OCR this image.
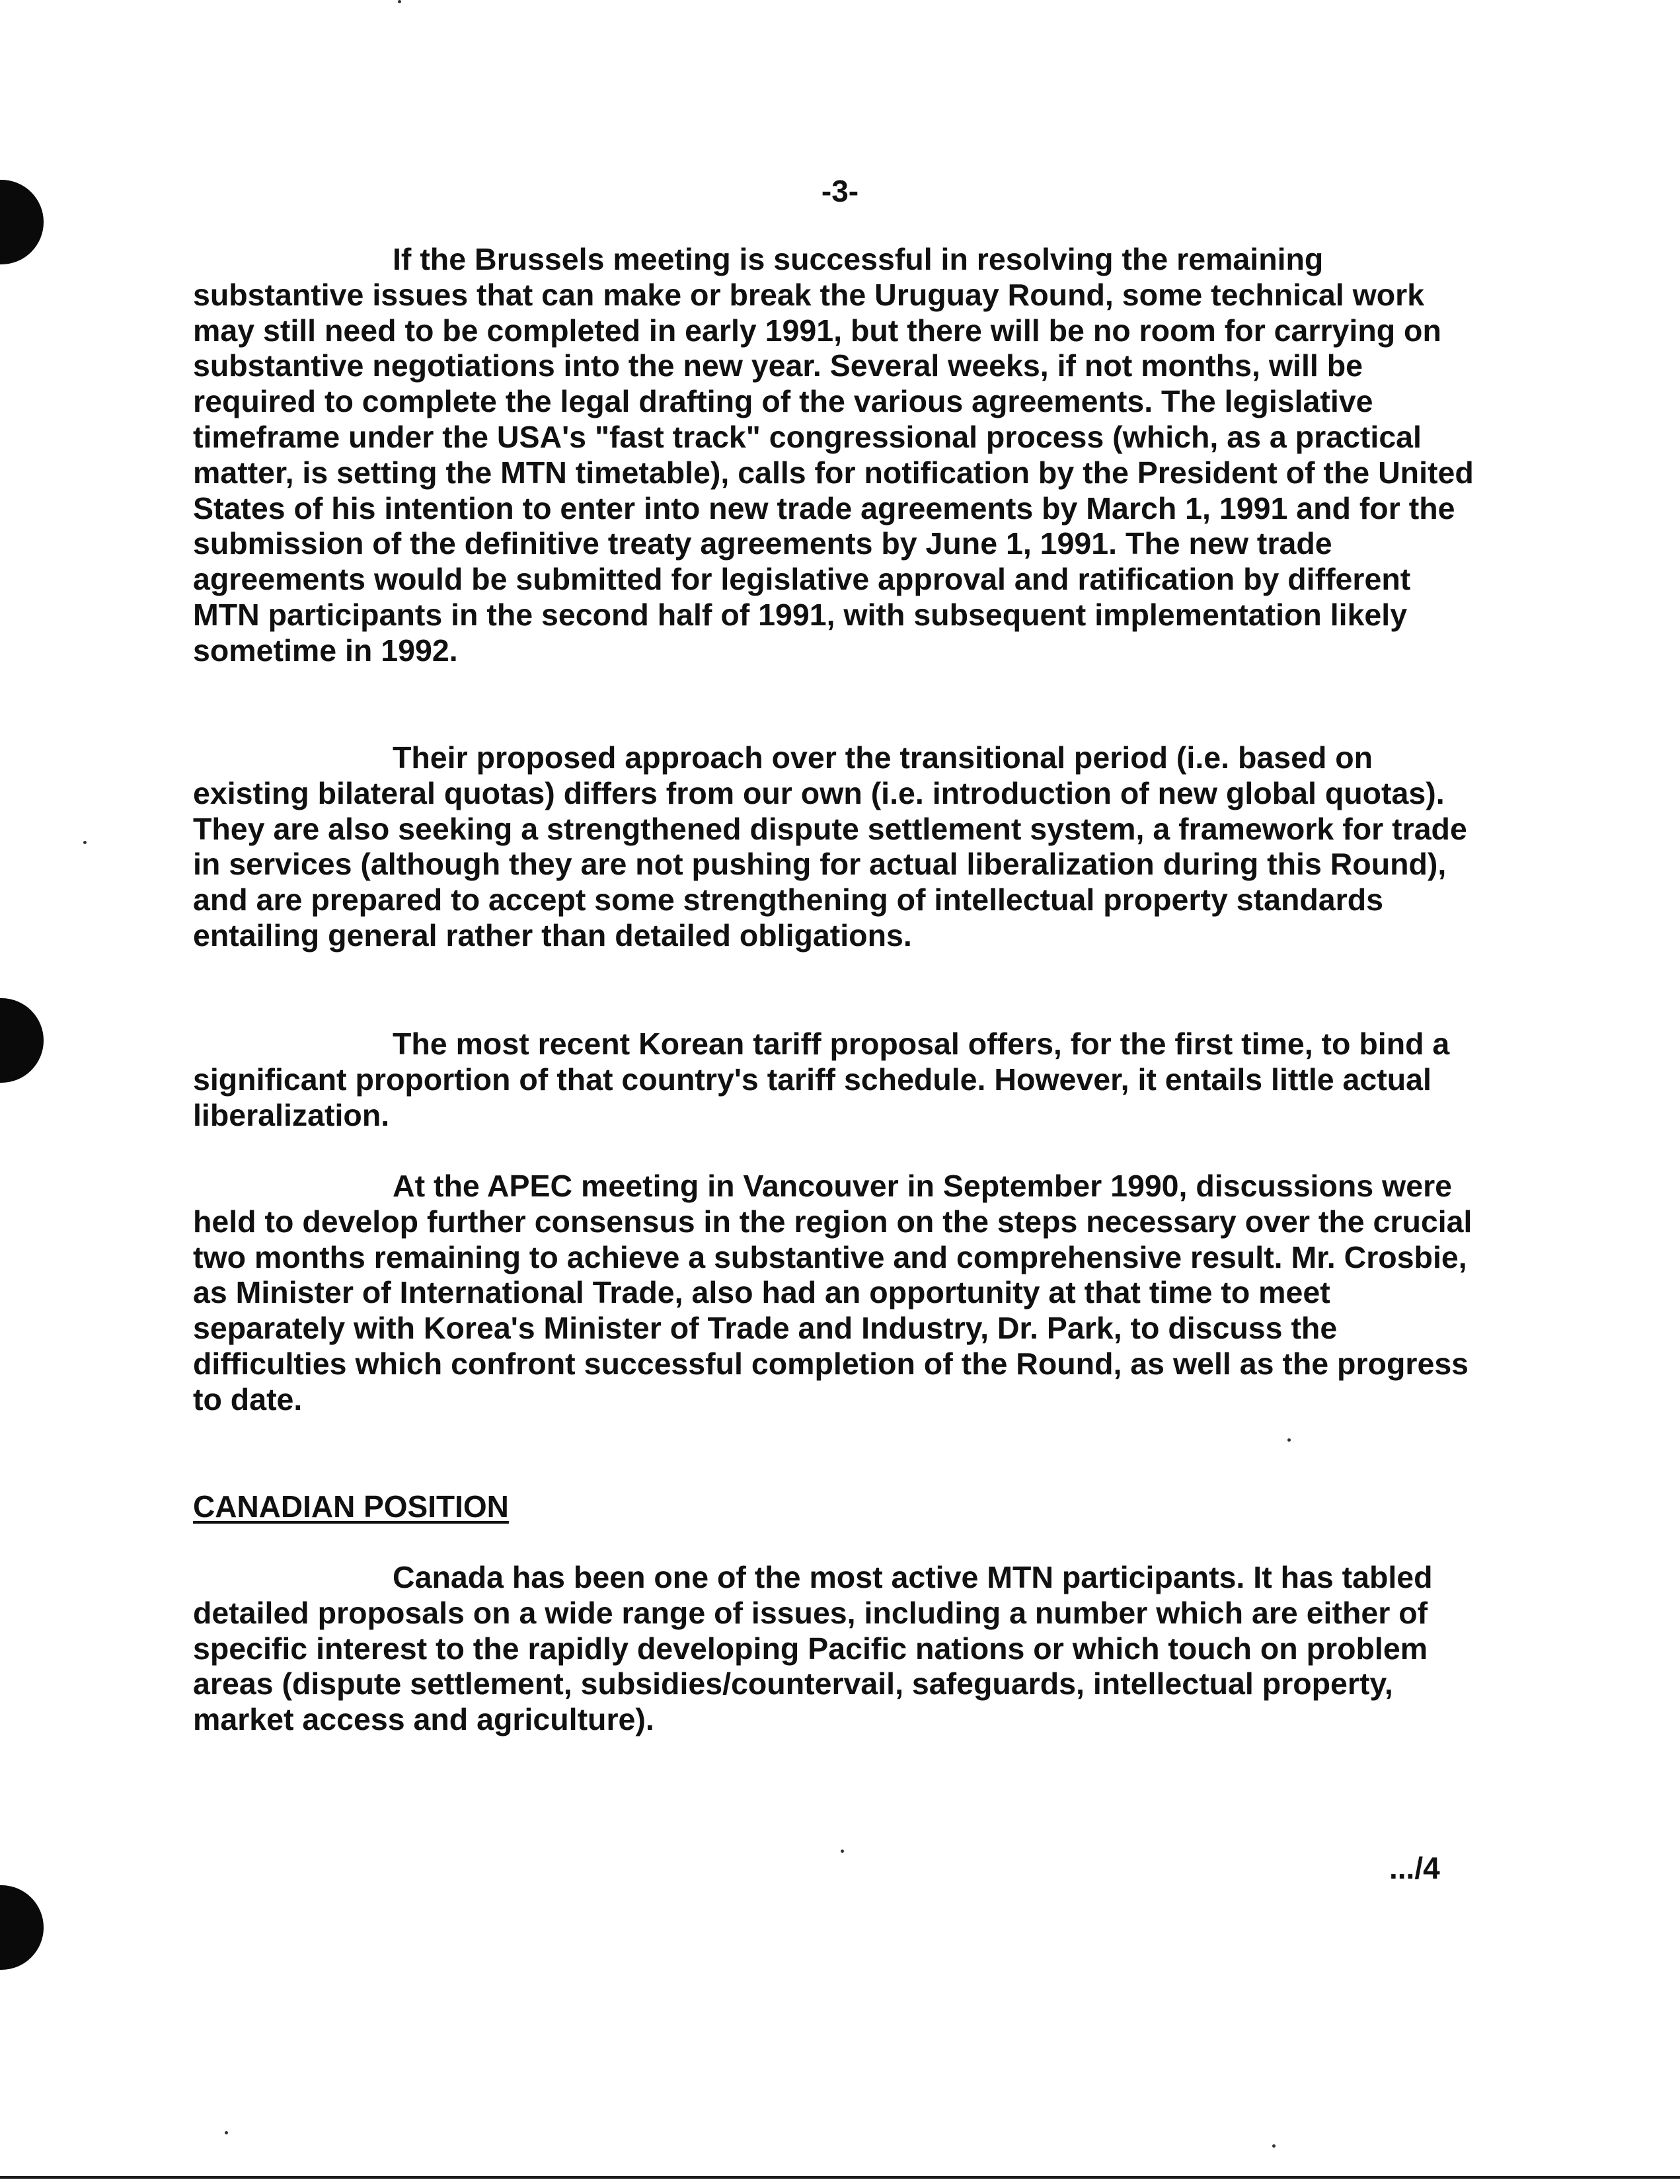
-3-

If the Brussels meeting is successful in resolving the remaining substantive issues that can make or break the Uruguay Round, some technical work may still need to be completed in early 1991, but there will be no room for carrying on substantive negotiations into the new year. Several weeks, if not months, will be required to complete the legal drafting of the various agreements. The legislative timeframe under the USA's "fast track" congressional process (which, as a practical matter, is setting the MTN timetable), calls for notification by the President of the United States of his intention to enter into new trade agreements by March 1, 1991 and for the submission of the definitive treaty agreements by June 1, 1991. The new trade agreements would be submitted for legislative approval and ratification by different MTN participants in the second half of 1991, with subsequent implementation likely sometime in 1992.

Their proposed approach over the transitional period (i.e. based on existing bilateral quotas) differs from our own (i.e. introduction of new global quotas). They are also seeking a strengthened dispute settlement system, a framework for trade in services (although they are not pushing for actual liberalization during this Round), and are prepared to accept some strengthening of intellectual property standards entailing general rather than detailed obligations.

The most recent Korean tariff proposal offers, for the first time, to bind a significant proportion of that country's tariff schedule. However, it entails little actual liberalization.

At the APEC meeting in Vancouver in September 1990, discussions were held to develop further consensus in the region on the steps necessary over the crucial two months remaining to achieve a substantive and comprehensive result. Mr. Crosbie, as Minister of International Trade, also had an opportunity at that time to meet separately with Korea's Minister of Trade and Industry, Dr. Park, to discuss the difficulties which confront successful completion of the Round, as well as the progress to date.

CANADIAN POSITION

Canada has been one of the most active MTN participants. It has tabled detailed proposals on a wide range of issues, including a number which are either of specific interest to the rapidly developing Pacific nations or which touch on problem areas (dispute settlement, subsidies/countervail, safeguards, intellectual property, market access and agriculture).

.../4
